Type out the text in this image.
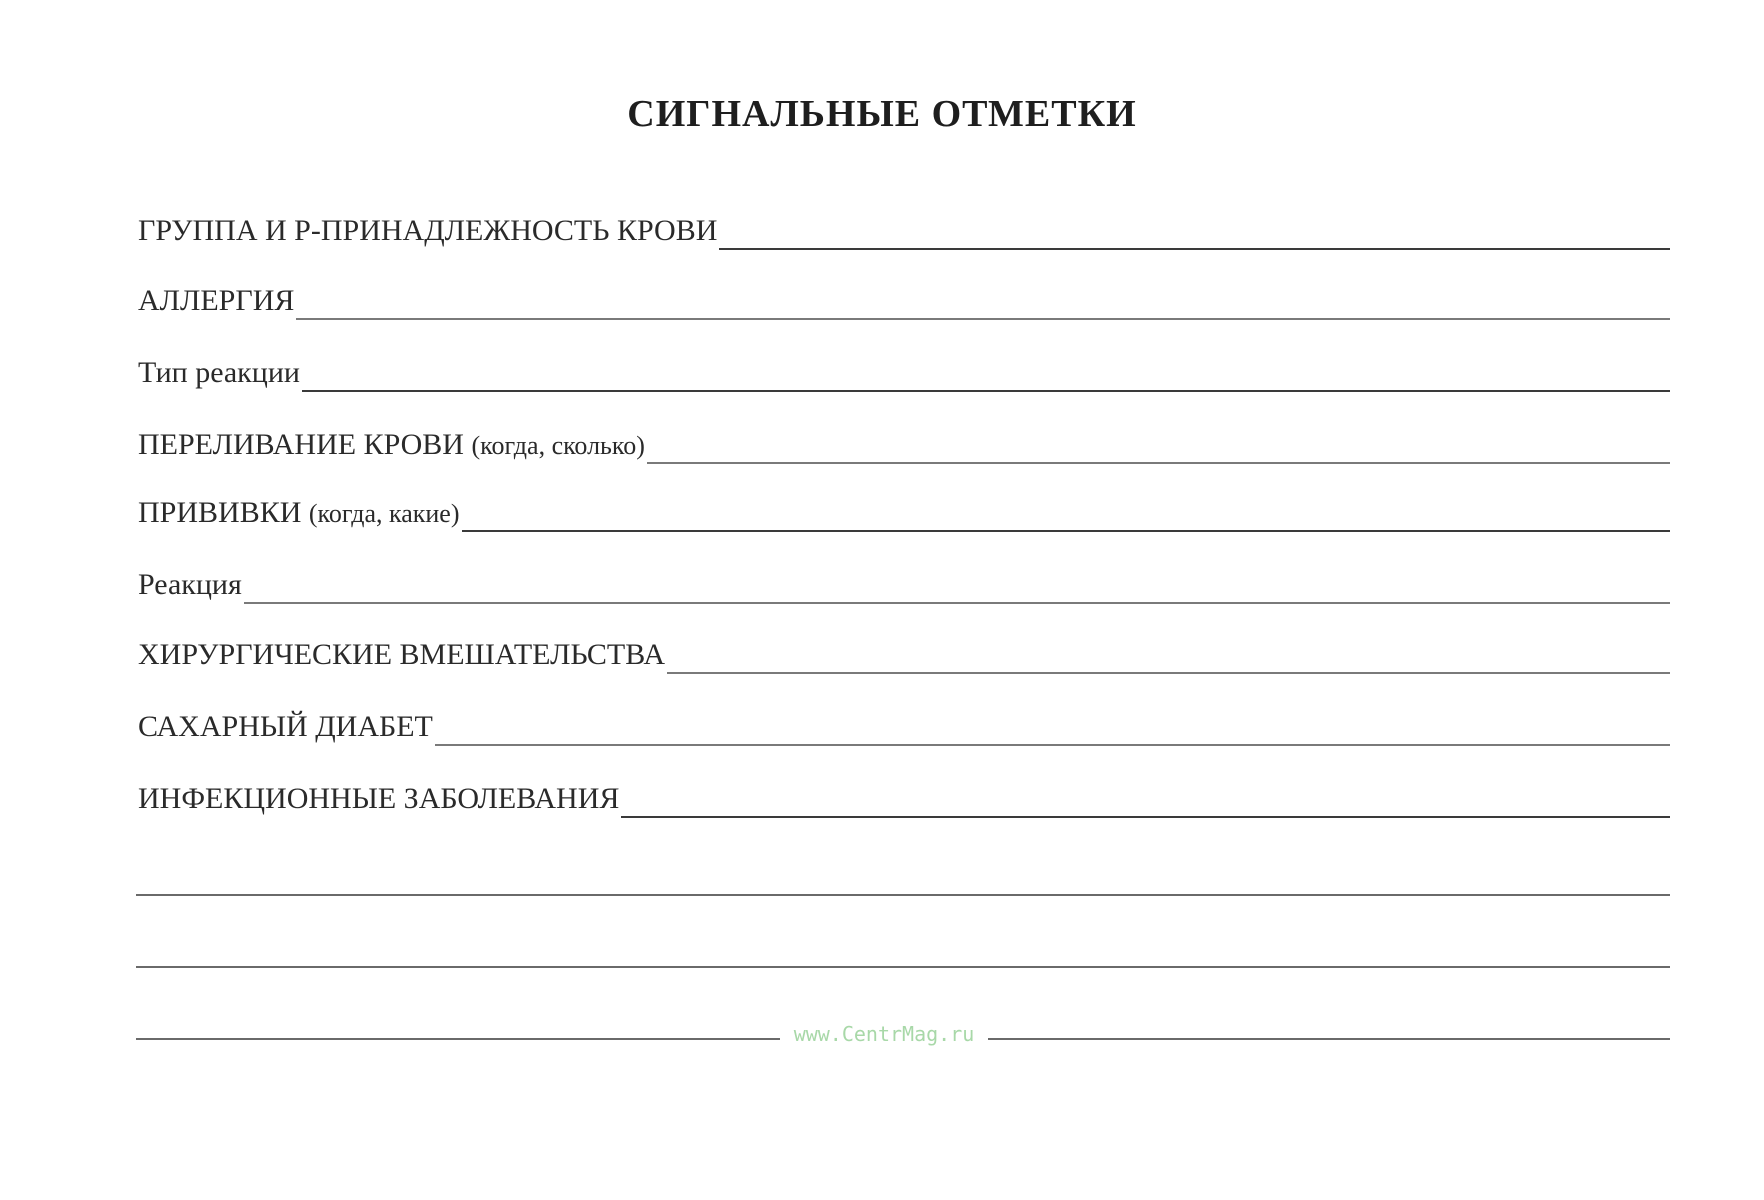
СИГНАЛЬНЫЕ ОТМЕТКИ
ГРУППА И Р-ПРИНАДЛЕЖНОСТЬ КРОВИ
АЛЛЕРГИЯ
Тип реакции
ПЕРЕЛИВАНИЕ КРОВИ (когда, сколько)
ПРИВИВКИ (когда, какие)
Реакция
ХИРУРГИЧЕСКИЕ ВМЕШАТЕЛЬСТВА
САХАРНЫЙ ДИАБЕТ
ИНФЕКЦИОННЫЕ ЗАБОЛЕВАНИЯ
www.CentrMag.ru
